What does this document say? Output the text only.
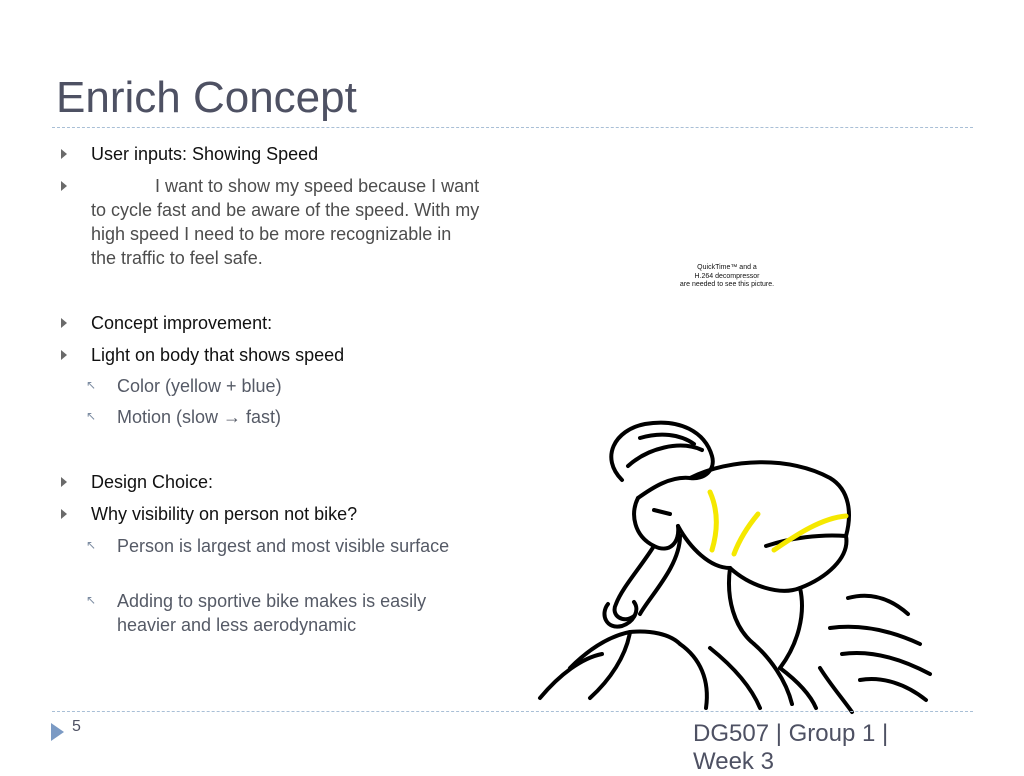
Enrich Concept
User inputs: Showing Speed
I want to show my speed because I want to cycle fast and be aware of the speed. With my high speed I need to be more recognizable in the traffic to feel safe.
Concept improvement:
Light on body that shows speed
↖ Color (yellow + blue)
↖ Motion (slow → fast)
Design Choice:
Why visibility on person not bike?
↖ Person is largest and most visible surface
↖ Adding to sportive bike makes is easily heavier and less aerodynamic
QuickTime™ and a
H.264 decompressor
are needed to see this picture.
5	DG507 | Group 1 | Week 3
